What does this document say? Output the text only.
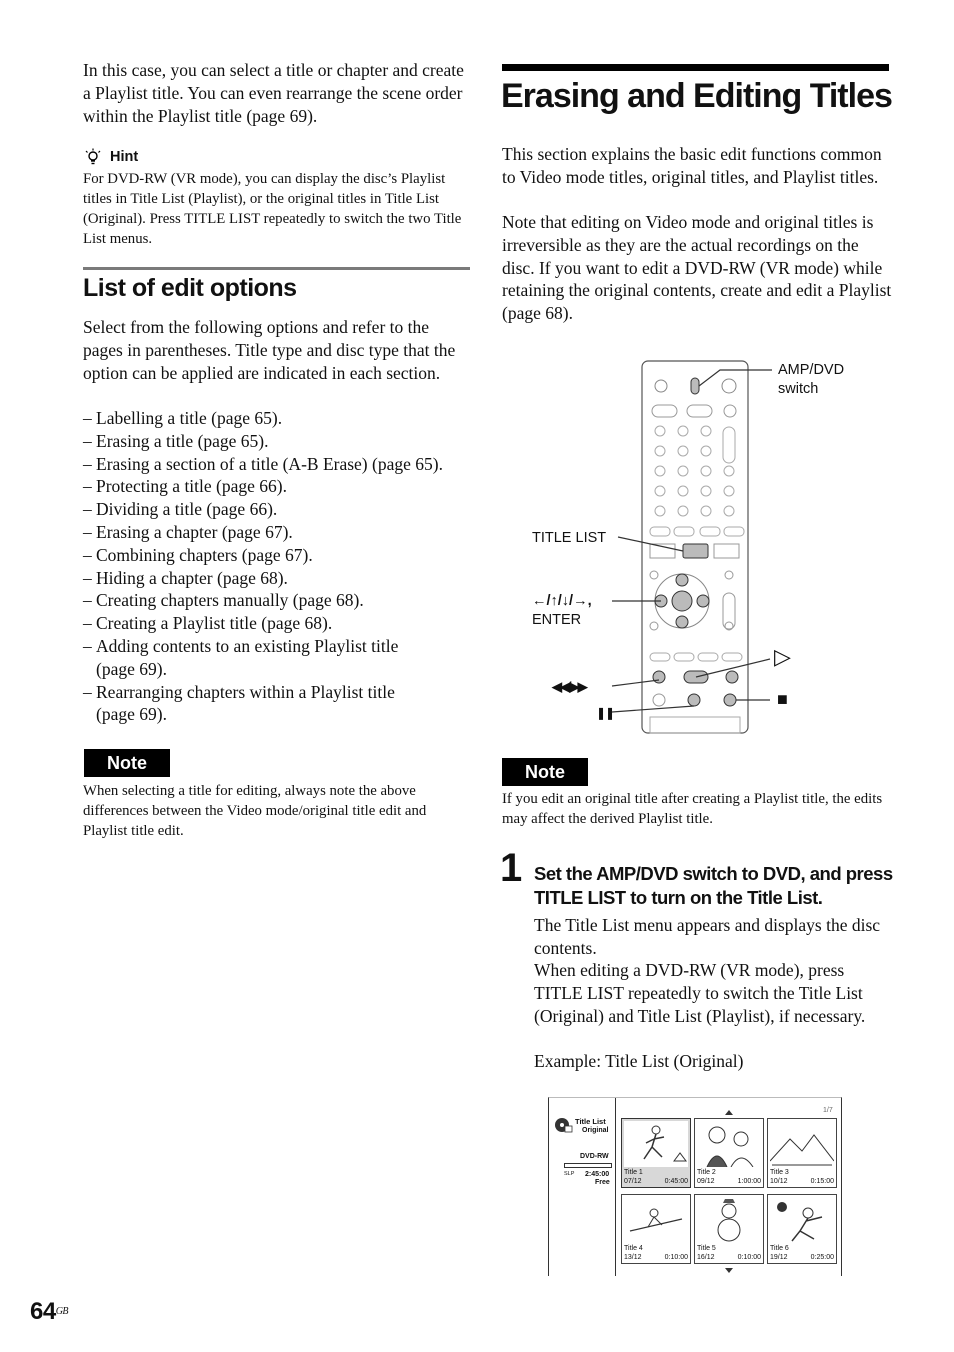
In this case, you can select a title or chapter and create a Playlist title. You can even rearrange the scene order within the Playlist title (page 69).
Hint
For DVD-RW (VR mode), you can display the disc’s Playlist titles in Title List (Playlist), or the original titles in Title List (Original). Press TITLE LIST repeatedly to switch the two Title List menus.
List of edit options
Select from the following options and refer to the pages in parentheses. Title type and disc type that the option can be applied are indicated in each section.
– Labelling a title (page 65).
– Erasing a title (page 65).
– Erasing a section of a title (A-B Erase) (page 65).
– Protecting a title (page 66).
– Dividing a title (page 66).
– Erasing a chapter (page 67).
– Combining chapters (page 67).
– Hiding a chapter (page 68).
– Creating chapters manually (page 68).
– Creating a Playlist title (page 68).
– Adding contents to an existing Playlist title (page 69).
– Rearranging chapters within a Playlist title (page 69).
Note
When selecting a title for editing, always note the above differences between the Video mode/original title edit and Playlist title edit.
Erasing and Editing Titles
This section explains the basic edit functions common to Video mode titles, original titles, and Playlist titles.
Note that editing on Video mode and original titles is irreversible as they are the actual recordings on the disc. If you want to edit a DVD-RW (VR mode) while retaining the original contents, create and edit a Playlist (page 68).
AMP/DVD
switch
TITLE LIST
←/↑/↓/→,
ENTER
◀◀/▶▶
❚❚
▷
■
Note
If you edit an original title after creating a Playlist title, the edits may affect the derived Playlist title.
1 Set the AMP/DVD switch to DVD, and press TITLE LIST to turn on the Title List.
The Title List menu appears and displays the disc contents.
When editing a DVD-RW (VR mode), press TITLE LIST repeatedly to switch the Title List (Original) and Title List (Playlist), if necessary.
Example: Title List (Original)
Title List
Original
DVD-RW
SLP 2:45:00
Free
1/7
Title 1
07/12	0:45:00
Title 2
09/12	1:00:00
Title 3
10/12	0:15:00
Title 4
13/12	0:10:00
Title 5
16/12	0:10:00
Title 6
19/12	0:25:00
$64^{GB}$
